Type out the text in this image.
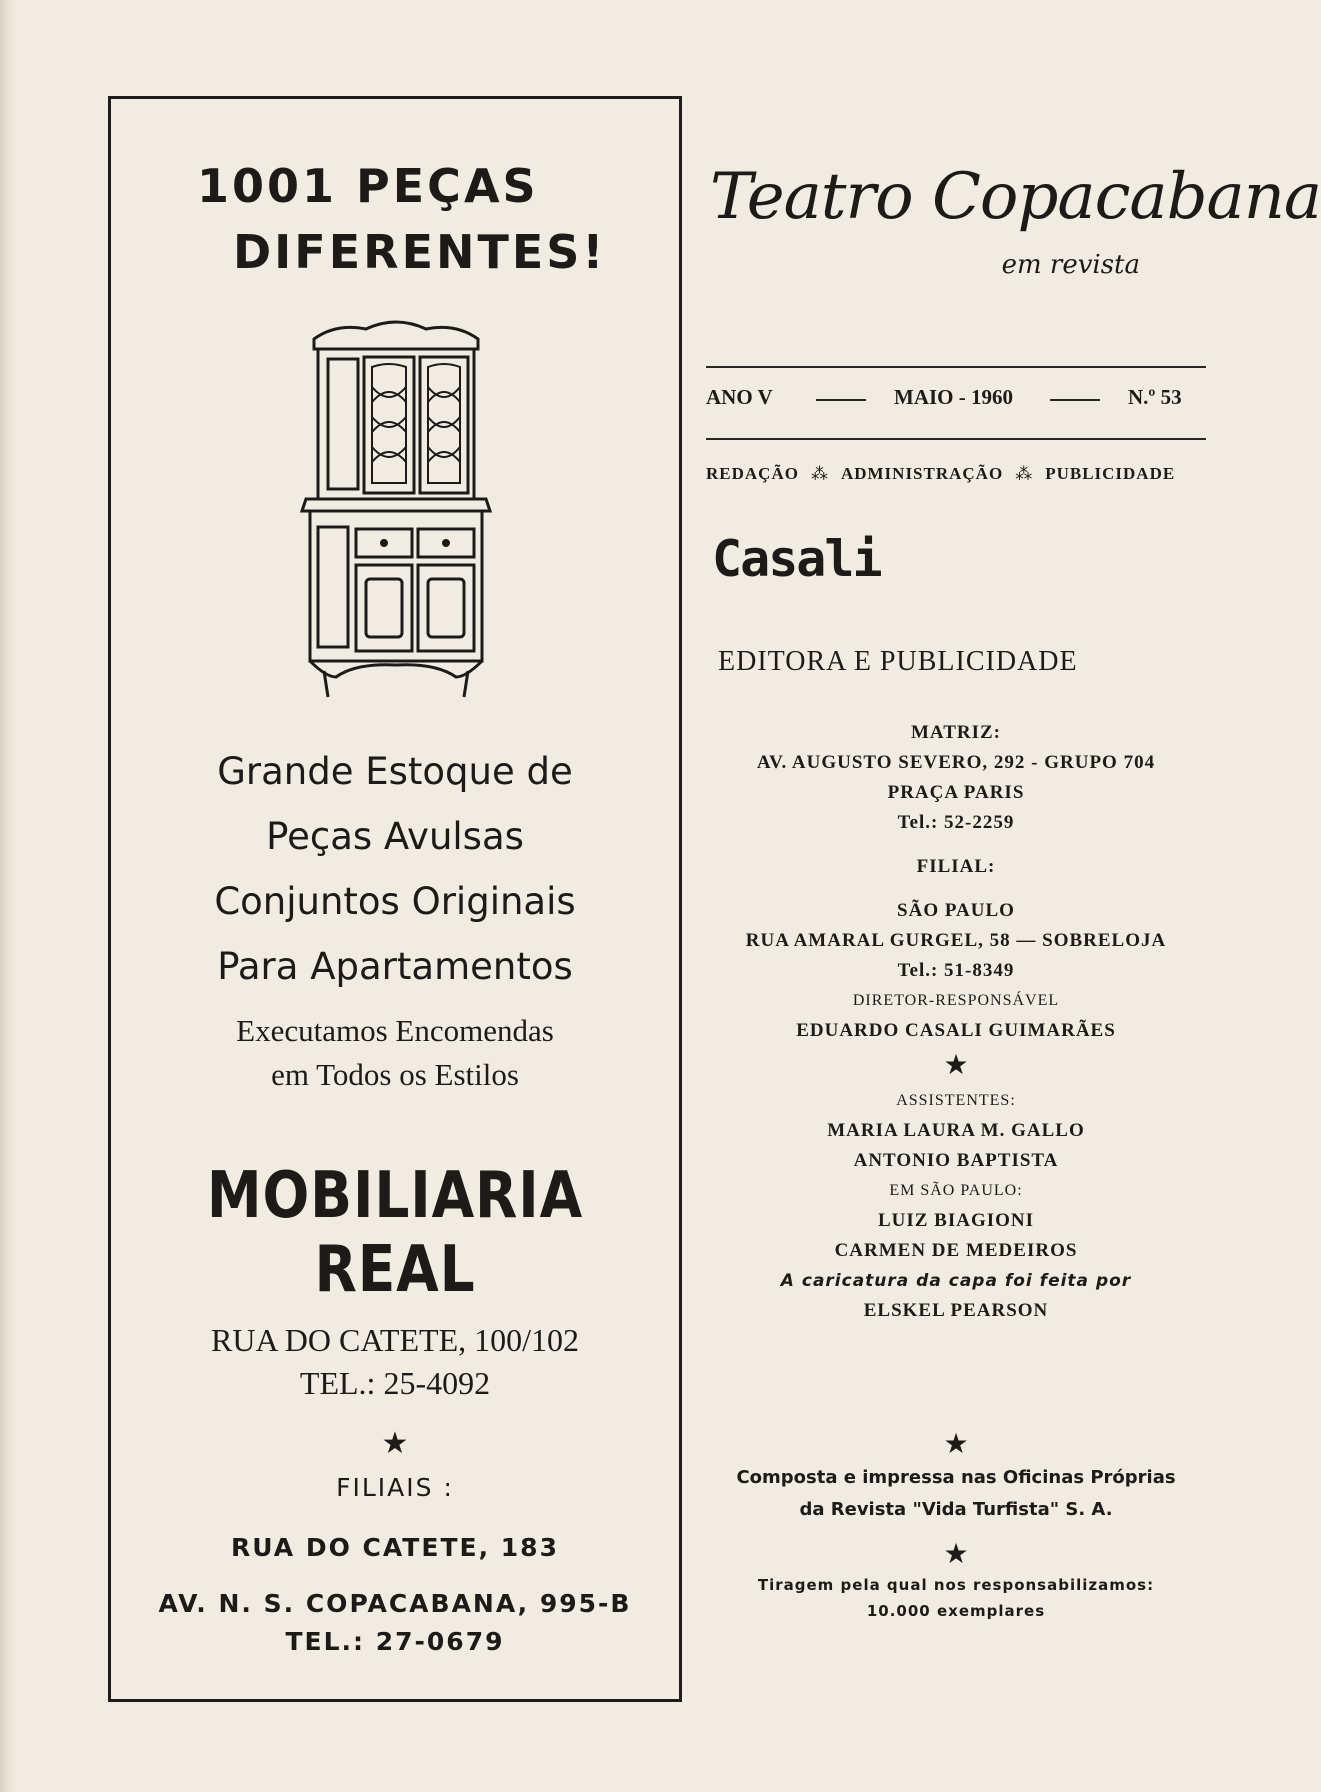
1001 PEÇAS
DIFERENTES!
Grande Estoque de
Peças Avulsas
Conjuntos Originais
Para Apartamentos
Executamos Encomendas
em Todos os Estilos
MOBILIARIA REAL
RUA DO CATETE, 100/102
TEL.: 25-4092
★
FILIAIS :
RUA DO CATETE, 183
AV. N. S. COPACABANA, 995-B
TEL.: 27-0679
Teatro Copacabana
em revista
ANO V	MAIO - 1960	N.º 53
REDAÇÃO ⁂ ADMINISTRAÇÃO ⁂ PUBLICIDADE
Casali
EDITORA E PUBLICIDADE
MATRIZ:
AV. AUGUSTO SEVERO, 292 - GRUPO 704
PRAÇA PARIS
Tel.: 52-2259
FILIAL:
SÃO PAULO
RUA AMARAL GURGEL, 58 — SOBRELOJA
Tel.: 51-8349
DIRETOR-RESPONSÁVEL
EDUARDO CASALI GUIMARÃES
★
ASSISTENTES:
MARIA LAURA M. GALLO
ANTONIO BAPTISTA
EM SÃO PAULO:
LUIZ BIAGIONI
CARMEN DE MEDEIROS
A caricatura da capa foi feita por
ELSKEL PEARSON
★
Composta e impressa nas Oficinas Próprias
da Revista "Vida Turfista" S. A.
★
Tiragem pela qual nos responsabilizamos:
10.000 exemplares
